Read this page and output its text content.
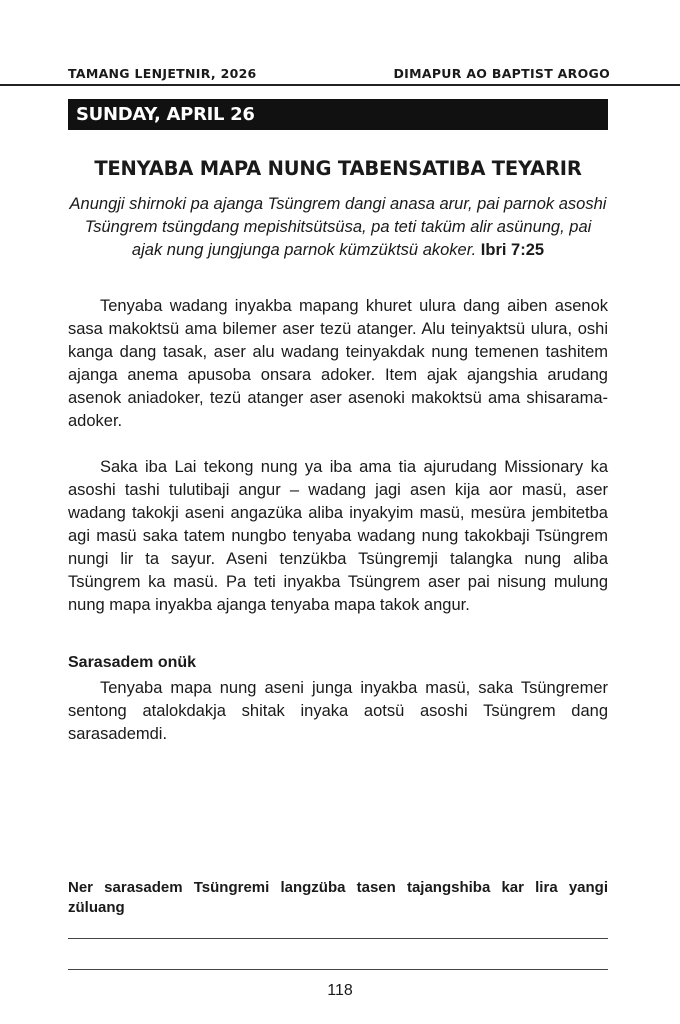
TAMANG LENJETNIR, 2026	DIMAPUR AO BAPTIST AROGO
SUNDAY, APRIL 26
TENYABA MAPA NUNG TABENSATIBA TEYARIR
Anungji shirnoki pa ajanga Tsüngrem dangi anasa arur, pai parnok asoshi Tsüngrem tsüngdang mepishitsütsüsa, pa teti taküm alir asünung, pai ajak nung jungjunga parnok kümzüktsü akoker. Ibri 7:25

Tenyaba wadang inyakba mapang khuret ulura dang aiben asenok sasa makoktsü ama bilemer aser tezü atanger. Alu teinyaktsü ulura, oshi kanga dang tasak, aser alu wadang teinyakdak nung temenen tashitem ajanga anema apusoba onsara adoker. Item ajak ajangshia arudang asenok aniadoker, tezü atanger aser asenoki makoktsü ama shisarama-adoker.

Saka iba Lai tekong nung ya iba ama tia ajurudang Missionary ka asoshi tashi tulutibaji angur – wadang jagi asen kija aor masü, aser wadang takokji aseni angazüka aliba inyakyim masü, mesüra jembitetba agi masü saka tatem nungbo tenyaba wadang nung takokbaji Tsüngrem nungi lir ta sayur. Aseni tenzükba Tsüngremji talangka nung aliba Tsüngrem ka masü. Pa teti inyakba Tsüngrem aser pai nisung mulung nung mapa inyakba ajanga tenyaba mapa takok angur.

Sarasadem onük

Tenyaba mapa nung aseni junga inyakba masü, saka Tsüngremer sentong atalokdakja shitak inyaka aotsü asoshi Tsüngrem dang sarasademdi.

Ner sarasadem Tsüngremi langzüba tasen tajangshiba kar lira yangi züluang
118
